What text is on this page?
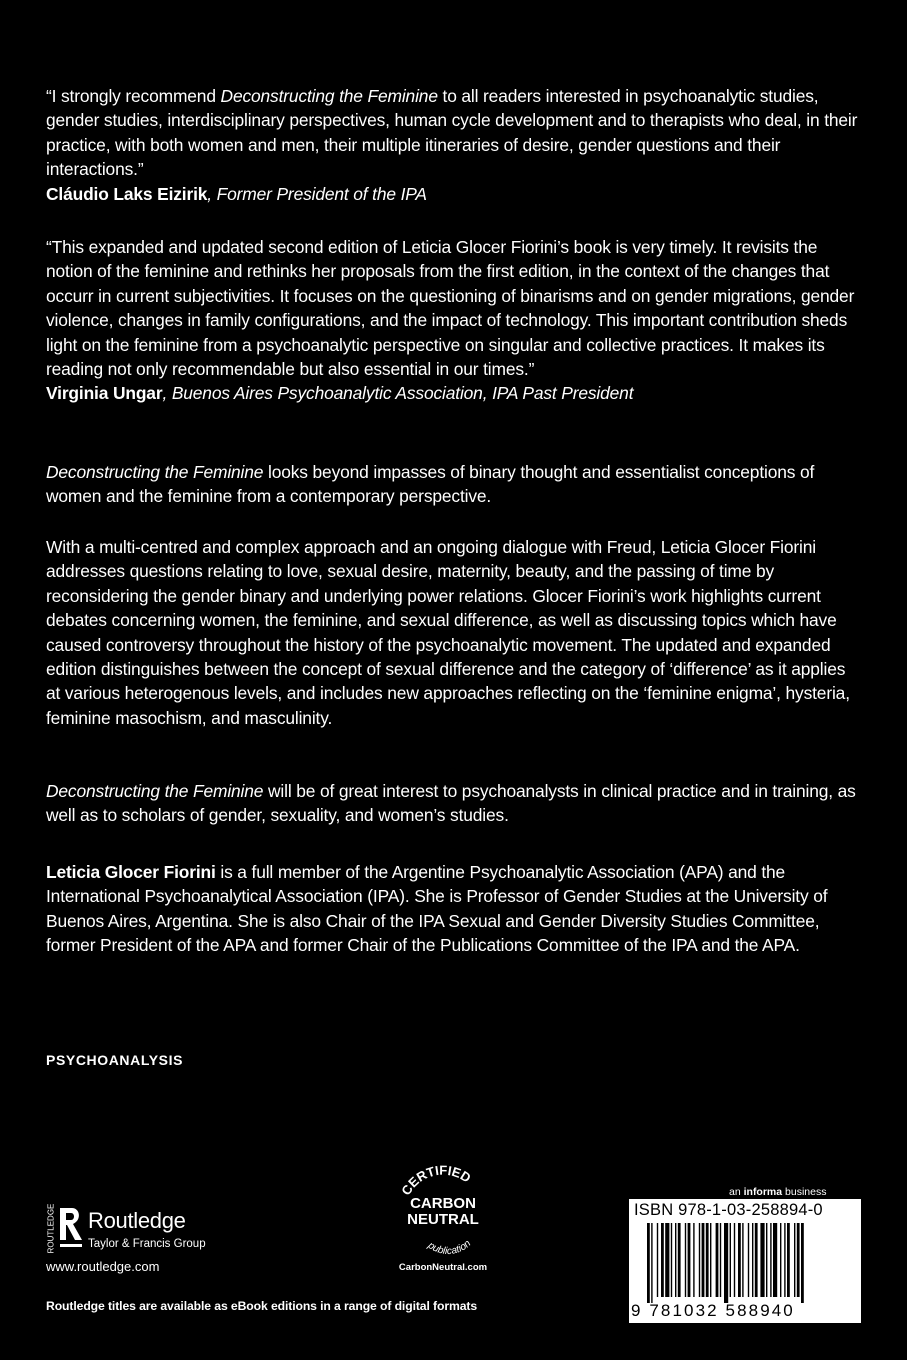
“I strongly recommend Deconstructing the Feminine to all readers interested in psychoanalytic studies, gender studies, interdisciplinary perspectives, human cycle development and to therapists who deal, in their practice, with both women and men, their multiple itineraries of desire, gender questions and their interactions.”

Cláudio Laks Eizirik, Former President of the IPA

“This expanded and updated second edition of Leticia Glocer Fiorini’s book is very timely. It revisits the notion of the feminine and rethinks her proposals from the first edition, in the context of the changes that occurr in current subjectivities. It focuses on the questioning of binarisms and on gender migrations, gender violence, changes in family configurations, and the impact of technology. This important contribution sheds light on the feminine from a psychoanalytic perspective on singular and collective practices. It makes its reading not only recommendable but also essential in our times.”

Virginia Ungar, Buenos Aires Psychoanalytic Association, IPA Past President

Deconstructing the Feminine looks beyond impasses of binary thought and essentialist conceptions of women and the feminine from a contemporary perspective.

With a multi-centred and complex approach and an ongoing dialogue with Freud, Leticia Glocer Fiorini addresses questions relating to love, sexual desire, maternity, beauty, and the passing of time by reconsidering the gender binary and underlying power relations. Glocer Fiorini’s work highlights current debates concerning women, the feminine, and sexual difference, as well as discussing topics which have caused controversy throughout the history of the psychoanalytic movement. The updated and expanded edition distinguishes between the concept of sexual difference and the category of ‘difference’ as it applies at various heterogenous levels, and includes new approaches reflecting on the ‘feminine enigma’, hysteria, feminine masochism, and masculinity.

Deconstructing the Feminine will be of great interest to psychoanalysts in clinical practice and in training, as well as to scholars of gender, sexuality, and women’s studies.

Leticia Glocer Fiorini is a full member of the Argentine Psychoanalytic Association (APA) and the International Psychoanalytical Association (IPA). She is Professor of Gender Studies at the University of Buenos Aires, Argentina. She is also Chair of the IPA Sexual and Gender Diversity Studies Committee, former President of the APA and former Chair of the Publications Committee of the IPA and the APA.

PSYCHOANALYSIS
ROUTLEDGE Routledge
Taylor & Francis Group
www.routledge.com
Routledge titles are available as eBook editions in a range of digital formats
CERTIFIED
CARBON
NEUTRAL
publication
CarbonNeutral.com
an informa business
ISBN 978-1-03-258894-0
9 781032 588940
